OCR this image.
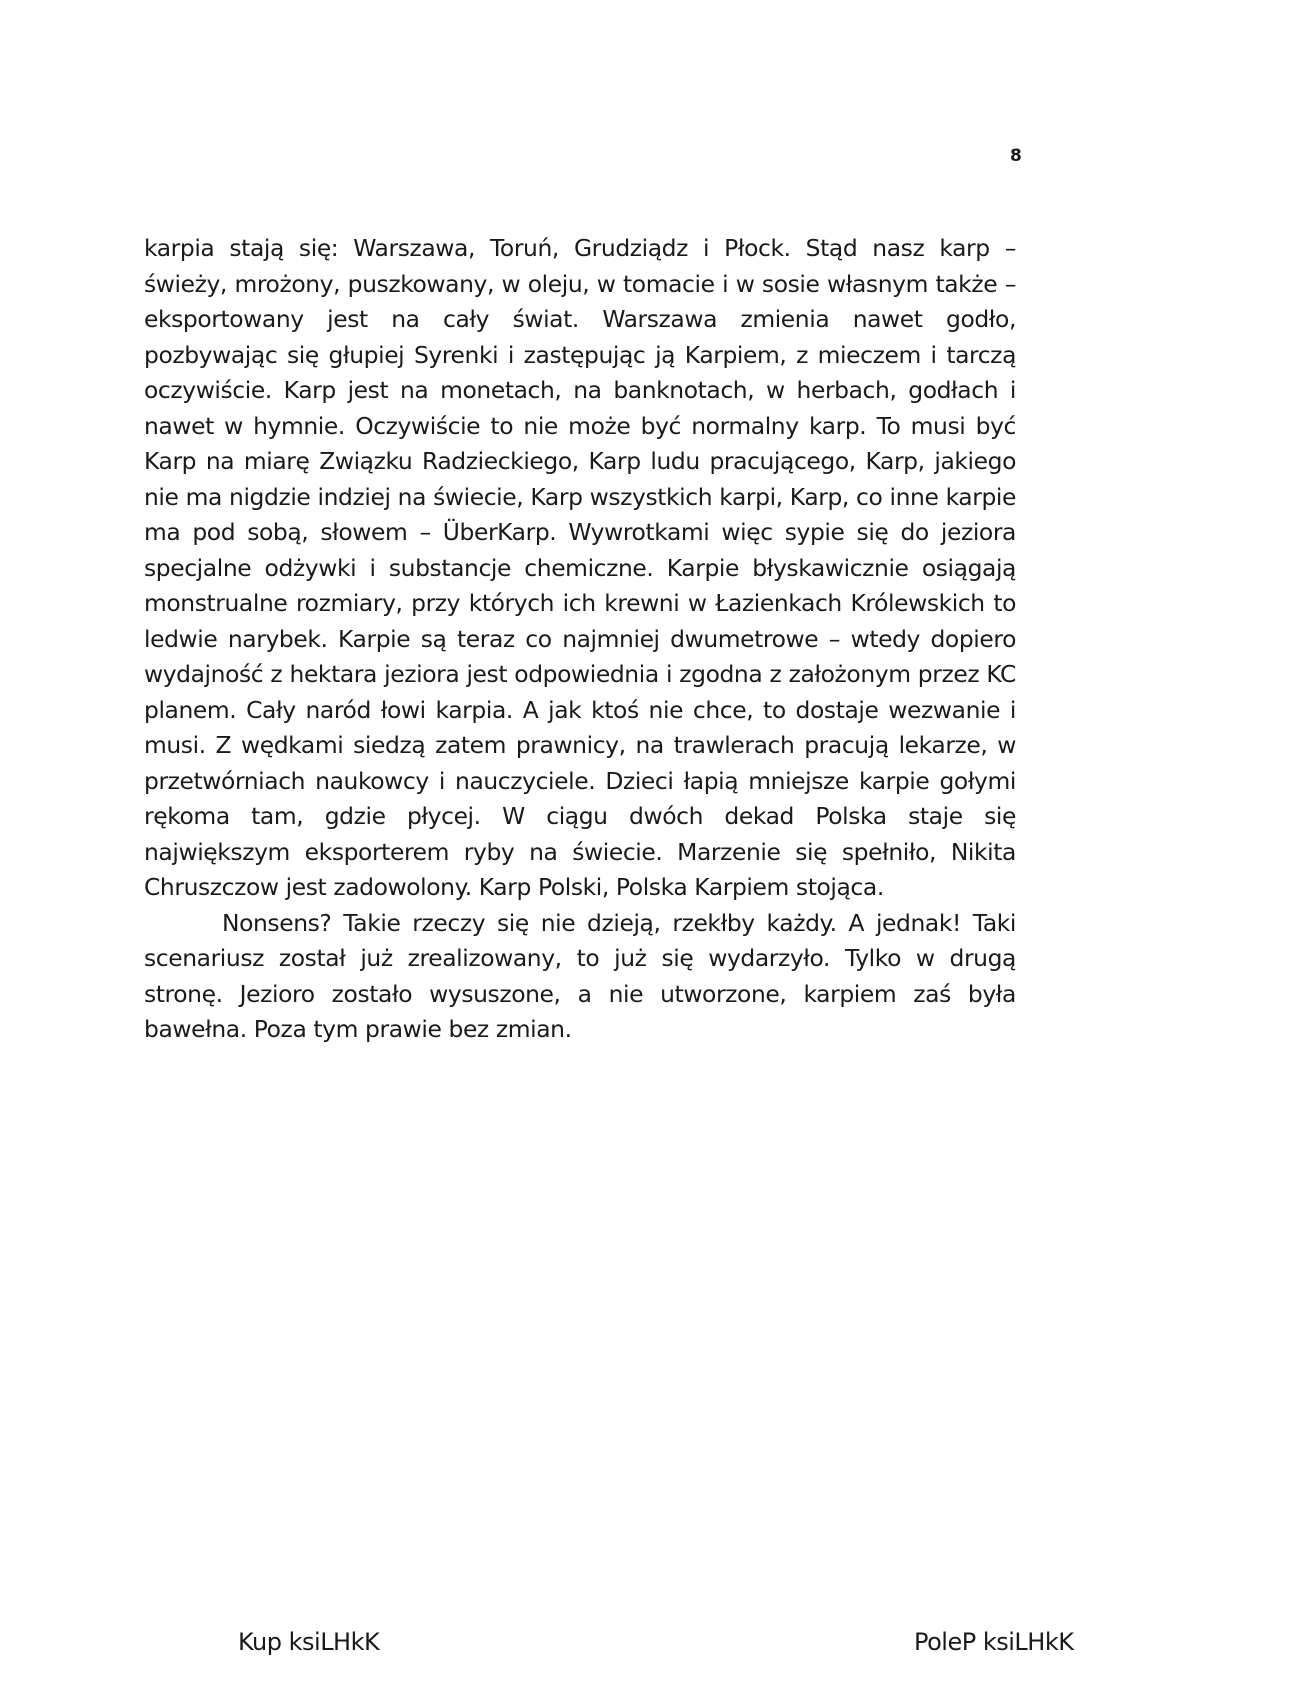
8

karpia stają się: Warszawa, Toruń, Grudziądz i Płock. Stąd nasz karp – świeży, mrożony, puszkowany, w oleju, w tomacie i w sosie własnym także – eksportowany jest na cały świat. Warszawa zmienia nawet godło, pozbywając się głupiej Syrenki i zastępując ją Karpiem, z mieczem i tarczą oczywiście. Karp jest na monetach, na banknotach, w herbach, godłach i nawet w hymnie. Oczywiście to nie może być normalny karp. To musi być Karp na miarę Związku Radzieckiego, Karp ludu pracującego, Karp, jakiego nie ma nigdzie indziej na świecie, Karp wszystkich karpi, Karp, co inne karpie ma pod sobą, słowem – ÜberKarp. Wywrotkami więc sypie się do jeziora specjalne odżywki i substancje chemiczne. Karpie błyskawicznie osiągają monstrualne rozmiary, przy których ich krewni w Łazienkach Królewskich to ledwie narybek. Karpie są teraz co najmniej dwumetrowe – wtedy dopiero wydajność z hektara jeziora jest odpowiednia i zgodna z założonym przez KC planem. Cały naród łowi karpia. A jak ktoś nie chce, to dostaje wezwanie i musi. Z wędkami siedzą zatem prawnicy, na trawlerach pracują lekarze, w przetwórniach naukowcy i nauczyciele. Dzieci łapią mniejsze karpie gołymi rękoma tam, gdzie płycej. W ciągu dwóch dekad Polska staje się największym eksporterem ryby na świecie. Marzenie się spełniło, Nikita Chruszczow jest zadowolony. Karp Polski, Polska Karpiem stojąca.

Nonsens? Takie rzeczy się nie dzieją, rzekłby każdy. A jednak! Taki scenariusz został już zrealizowany, to już się wydarzyło. Tylko w drugą stronę. Jezioro zostało wysuszone, a nie utworzone, karpiem zaś była bawełna. Poza tym prawie bez zmian.

Kup ksiLHkK	PoleP ksiLHkK
